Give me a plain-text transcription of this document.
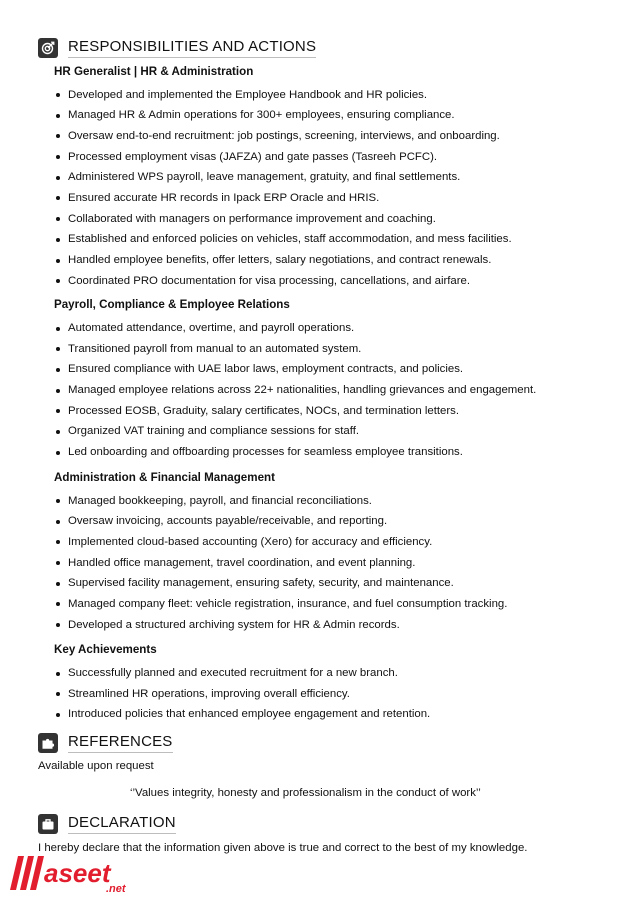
RESPONSIBILITIES AND ACTIONS
HR Generalist | HR & Administration
Developed and implemented the Employee Handbook and HR policies.
Managed HR & Admin operations for 300+ employees, ensuring compliance.
Oversaw end-to-end recruitment: job postings, screening, interviews, and onboarding.
Processed employment visas (JAFZA) and gate passes (Tasreeh PCFC).
Administered WPS payroll, leave management, gratuity, and final settlements.
Ensured accurate HR records in Ipack ERP Oracle and HRIS.
Collaborated with managers on performance improvement and coaching.
Established and enforced policies on vehicles, staff accommodation, and mess facilities.
Handled employee benefits, offer letters, salary negotiations, and contract renewals.
Coordinated PRO documentation for visa processing, cancellations, and airfare.
Payroll, Compliance & Employee Relations
Automated attendance, overtime, and payroll operations.
Transitioned payroll from manual to an automated system.
Ensured compliance with UAE labor laws, employment contracts, and policies.
Managed employee relations across 22+ nationalities, handling grievances and engagement.
Processed EOSB, Graduity, salary certificates, NOCs, and termination letters.
Organized VAT training and compliance sessions for staff.
Led onboarding and offboarding processes for seamless employee transitions.
Administration & Financial Management
Managed bookkeeping, payroll, and financial reconciliations.
Oversaw invoicing, accounts payable/receivable, and reporting.
Implemented cloud-based accounting (Xero) for accuracy and efficiency.
Handled office management, travel coordination, and event planning.
Supervised facility management, ensuring safety, security, and maintenance.
Managed company fleet: vehicle registration, insurance, and fuel consumption tracking.
Developed a structured archiving system for HR & Admin records.
Key Achievements
Successfully planned and executed recruitment for a new branch.
Streamlined HR operations, improving overall efficiency.
Introduced policies that enhanced employee engagement and retention.
REFERENCES
Available upon request
‘’Values integrity, honesty and professionalism in the conduct of work’’
DECLARATION
I hereby declare that the information given above is true and correct to the best of my knowledge.
aseet
.net
